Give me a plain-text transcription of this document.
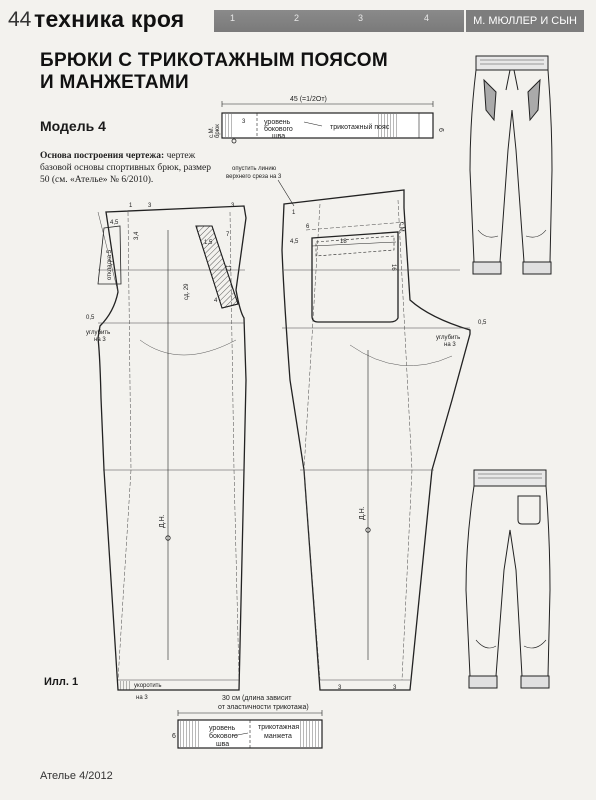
44 техника кроя	1	2	3	4	М. МЮЛЛЕР И СЫН
БРЮКИ С ТРИКОТАЖНЫМ ПОЯСОМ
И МАНЖЕТАМИ
Модель 4
Основа построения чертежа: чертеж базовой основы спортивных брюк, размер 50 (см. «Ателье» № 6/2010).
45 (=1/2От)
3	уровень
бокового
шва
трикотажный пояс	6
с.М. брюк
откладка 5
Д.Н.
4,5
1	3	3
3,4	7
17
1,5
4
сд. 29
0,5
углубить
на 3
укоротить
на 3
Д.Н.
опустить линию
верхнего среза на 3
1
6
4,5	18
16
с.М.
0,5
углубить
на 3
3	3
30 см (длина зависит
от эластичности трикотажа)
уровень
бокового
шва
трикотажная
манжета
6
Илл. 1
Ателье 4/2012
